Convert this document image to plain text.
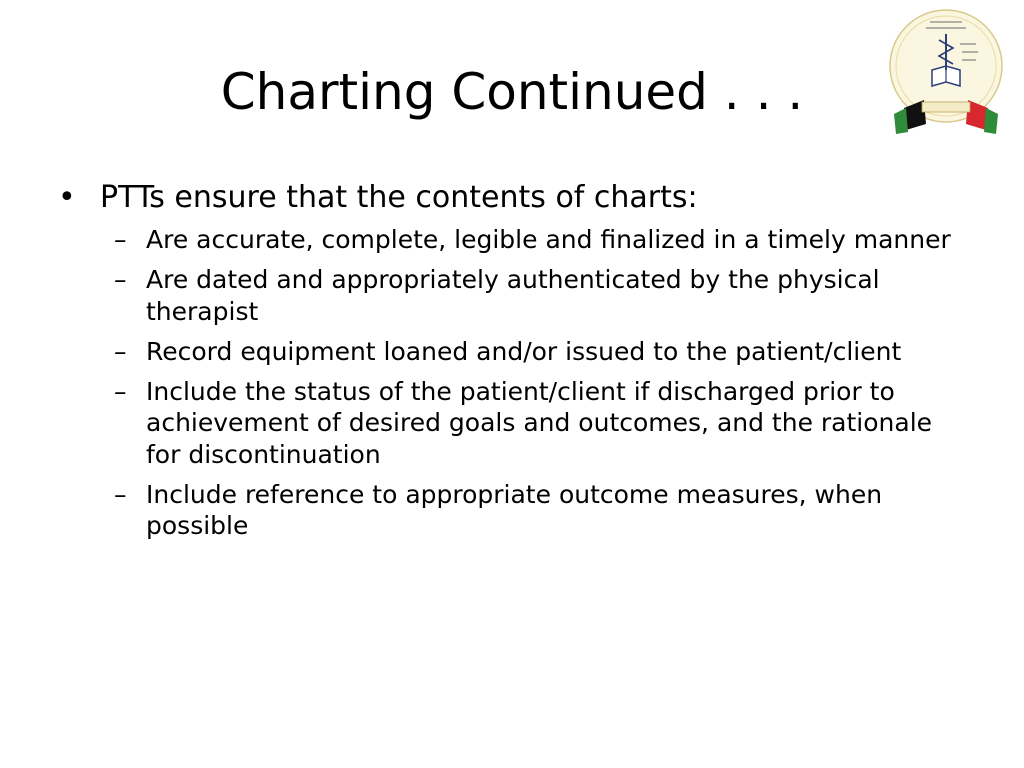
Charting Continued . . .
• PTTs ensure that the contents of charts:
– Are accurate, complete, legible and finalized in a timely manner
– Are dated and appropriately authenticated by the physical therapist
– Record equipment loaned and/or issued to the patient/client
– Include the status of the patient/client if discharged prior to achievement of desired goals and outcomes, and the rationale for discontinuation
– Include reference to appropriate outcome measures, when possible
